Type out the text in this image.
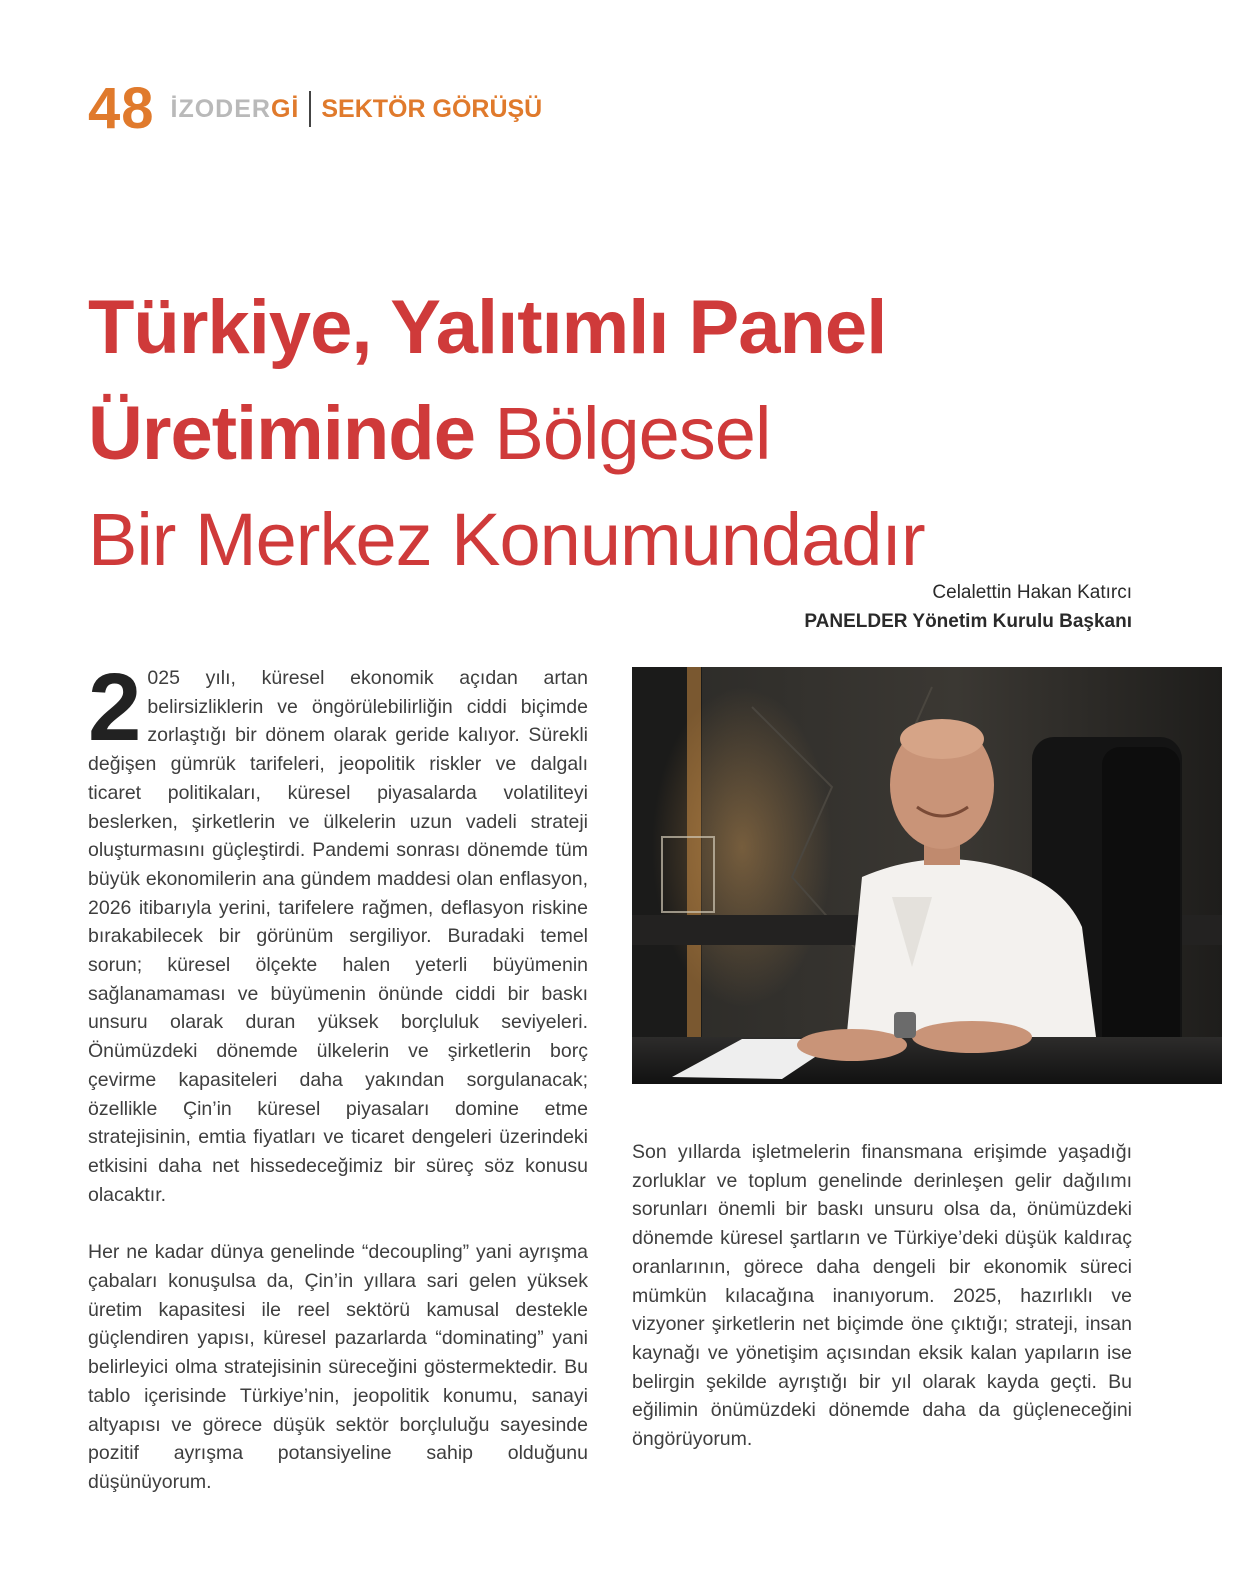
48 İZODERGİ SEKTÖR GÖRÜŞÜ
Türkiye, Yalıtımlı Panel
Üretiminde Bölgesel
Bir Merkez Konumundadır
Celalettin Hakan Katırcı
PANELDER Yönetim Kurulu Başkanı

2 025 yılı, küresel ekonomik açıdan artan belirsizliklerin ve öngörülebilirliğin ciddi biçimde zorlaştığı bir dönem olarak geride kalıyor. Sürekli değişen gümrük tarifeleri, jeopolitik riskler ve dalgalı ticaret politikaları, küresel piyasalarda volatiliteyi beslerken, şirketlerin ve ülkelerin uzun vadeli strateji oluşturmasını güçleştirdi. Pandemi sonrası dönemde tüm büyük ekonomilerin ana gündem maddesi olan enflasyon, 2026 itibarıyla yerini, tarifelere rağmen, deflasyon riskine bırakabilecek bir görünüm sergiliyor. Buradaki temel sorun; küresel ölçekte halen yeterli büyümenin sağlanamaması ve büyümenin önünde ciddi bir baskı unsuru olarak duran yüksek borçluluk seviyeleri. Önümüzdeki dönemde ülkelerin ve şirketlerin borç çevirme kapasiteleri daha yakından sorgulanacak; özellikle Çin’in küresel piyasaları domine etme stratejisinin, emtia fiyatları ve ticaret dengeleri üzerindeki etkisini daha net hissedeceğimiz bir süreç söz konusu olacaktır.

Her ne kadar dünya genelinde “decoupling” yani ayrışma çabaları konuşulsa da, Çin’in yıllara sari gelen yüksek üretim kapasitesi ile reel sektörü kamusal destekle güçlendiren yapısı, küresel pazarlarda “dominating” yani belirleyici olma stratejisinin süreceğini göstermektedir. Bu tablo içerisinde Türkiye’nin, jeopolitik konumu, sanayi altyapısı ve görece düşük sektör borçluluğu sayesinde pozitif ayrışma potansiyeline sahip olduğunu düşünüyorum.

Son yıllarda işletmelerin finansmana erişimde yaşadığı zorluklar ve toplum genelinde derinleşen gelir dağılımı sorunları önemli bir baskı unsuru olsa da, önümüzdeki dönemde küresel şartların ve Türkiye’deki düşük kaldıraç oranlarının, görece daha dengeli bir ekonomik süreci mümkün kılacağına inanıyorum. 2025, hazırlıklı ve vizyoner şirketlerin net biçimde öne çıktığı; strateji, insan kaynağı ve yönetişim açısından eksik kalan yapıların ise belirgin şekilde ayrıştığı bir yıl olarak kayda geçti. Bu eğilimin önümüzdeki dönemde daha da güçleneceğini öngörüyorum.
